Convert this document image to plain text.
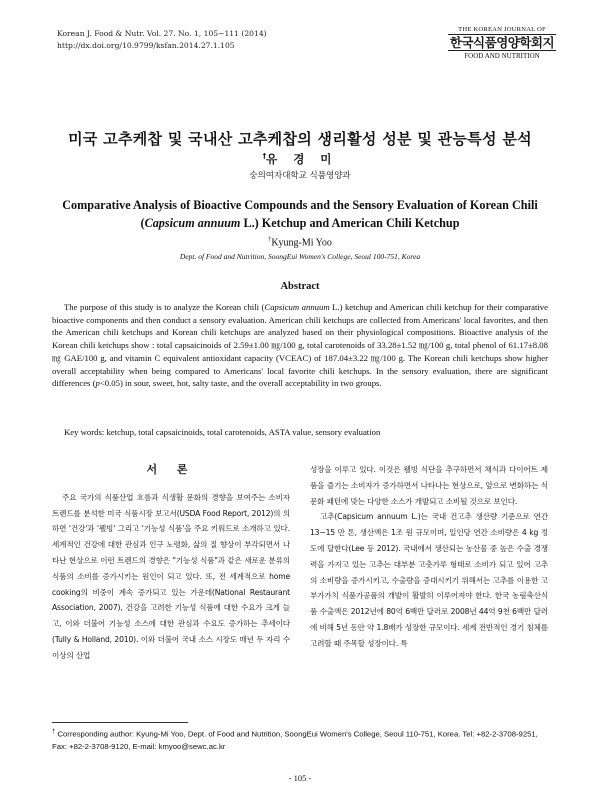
Korean J. Food & Nutr. Vol. 27. No. 1, 105~111 (2014)
http://dx.doi.org/10.9799/ksfan.2014.27.1.105
THE KOREAN JOURNAL OF
한국식품영양학회지
FOOD AND NUTRITION
미국 고추케찹 및 국내산 고추케찹의 생리활성 성분 및 관능특성 분석
†유 경 미
숭의여자대학교 식품영양과
Comparative Analysis of Bioactive Compounds and the Sensory Evaluation of Korean Chili
(Capsicum annuum L.) Ketchup and American Chili Ketchup
†Kyung-Mi Yoo
Dept. of Food and Nutrition, SoongEui Women's College, Seoul 100-751, Korea
Abstract
The purpose of this study is to analyze the Korean chili (Capsicum annuum L.) ketchup and American chili ketchup for their comparative bioactive components and then conduct a sensory evaluation. American chili ketchups are collected from Americans' local favorites, and then the American chili ketchups and Korean chili ketchups are analyzed based on their physiological compositions. Bioactive analysis of the Korean chili ketchups show : total capsaicinoids of 2.59±1.00 ㎎/100 g, total carotenoids of 33.28±1.52 ㎎/100 g, total phenol of 61.17±8.08 ㎎ GAE/100 g, and vitamin C equivalent antioxidant capacity (VCEAC) of 187.04±3.22 ㎎/100 g. The Korean chili ketchups show higher overall acceptability when being compared to Americans' local favorite chili ketchups. In the sensory evaluation, there are significant differences (p<0.05) in sour, sweet, hot, salty taste, and the overall acceptability in two groups.
Key words: ketchup, total capsaicinoids, total carotenoids, ASTA value, sensory evaluation
서 론
주요 국가의 식품산업 흐름과 식생활 문화의 경향을 보여주는 소비자 트렌드를 분석한 미국 식품시장 보고서(USDA Food Report, 2012)의 의하면 '건강'과 '웰빙' 그리고 '기능성 식품'을 주요 키워드로 소개하고 있다. 세계적인 건강에 대한 관심과 인구 노령화, 삶의 질 향상이 부각되면서 나타난 현상으로 이런 트렌드의 경향은 "기능성 식품"과 같은 새로운 분류의 식품의 소비를 증가시키는 원인이 되고 있다. 또, 전 세계적으로 home cooking의 비중이 계속 증가되고 있는 가운데(National Restaurant Association, 2007), 건강을 고려한 기능성 식품에 대한 수요가 크게 늘고, 이와 더불어 기능성 소스에 대한 관심과 수요도 증가하는 추세이다(Tully & Holland, 2010). 이와 더불어 국내 소스 시장도 매년 두 자리 수 이상의 산업
성장을 이루고 있다. 이것은 웰빙 식단을 추구하면서 채식과 다이어트 제품을 즐기는 소비자가 증가하면서 나타나는 현상으로, 앞으로 변화하는 식문화 패턴에 맞는 다양한 소스가 개발되고 소비될 것으로 보인다.
고추(Capsicum annuum L.)는 국내 건고추 생산량 기준으로 연간 13~15 만 톤, 생산액은 1조 원 규모이며, 일인당 연간 소비량은 4 kg 정도에 달한다(Lee 등 2012). 국내에서 생산되는 농산물 중 높은 수출 경쟁력을 가지고 있는 고추는 대부분 고춧가루 형태로 소비가 되고 있어 고추의 소비량을 증가시키고, 수출량을 증대시키기 위해서는 고추를 이용한 고부가가치 식품가공품의 개발이 활발히 이루어져야 한다. 한국 농림축산식품 수출액은 2012년에 80억 6백만 달러로 2008년 44억 9천 6백만 달러에 비해 5년 동안 약 1.8배가 성장한 규모이다. 세계 전반적인 경기 침체를 고려할 때 주목할 성장이다. 특
† Corresponding author: Kyung-Mi Yoo, Dept. of Food and Nutrition, SoongEui Women's College, Seoul 110-751, Korea. Tel: +82-2-3708-9251, Fax: +82-2-3708-9120, E-mail: kmyoo@sewc.ac.kr
- 105 -
